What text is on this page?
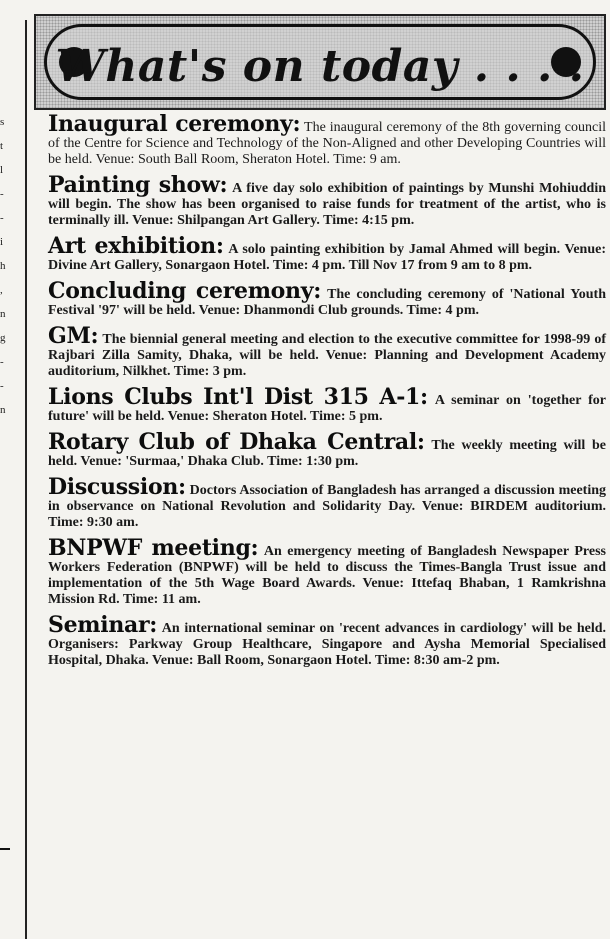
s
t
l
-
-
i
h
,
n
g
-
-
n
What's on today . . . .

Inaugural ceremony: The inaugural ceremony of the 8th governing council of the Centre for Science and Technology of the Non-Aligned and other Developing Countries will be held. Venue: South Ball Room, Sheraton Hotel. Time: 9 am.

Painting show: A five day solo exhibition of paintings by Munshi Mohiuddin will begin. The show has been organised to raise funds for treatment of the artist, who is terminally ill. Venue: Shilpangan Art Gallery. Time: 4:15 pm.

Art exhibition: A solo painting exhibition by Jamal Ahmed will begin. Venue: Divine Art Gallery, Sonargaon Hotel. Time: 4 pm. Till Nov 17 from 9 am to 8 pm.

Concluding ceremony: The concluding ceremony of 'National Youth Festival '97' will be held. Venue: Dhanmondi Club grounds. Time: 4 pm.

GM: The biennial general meeting and election to the executive committee for 1998-99 of Rajbari Zilla Samity, Dhaka, will be held. Venue: Planning and Development Academy auditorium, Nilkhet. Time: 3 pm.

Lions Clubs Int'l Dist 315 A-1: A seminar on 'together for future' will be held. Venue: Sheraton Hotel. Time: 5 pm.

Rotary Club of Dhaka Central: The weekly meeting will be held. Venue: 'Surmaa,' Dhaka Club. Time: 1:30 pm.

Discussion: Doctors Association of Bangladesh has arranged a discussion meeting in observance on National Revolution and Solidarity Day. Venue: BIRDEM auditorium. Time: 9:30 am.

BNPWF meeting: An emergency meeting of Bangladesh Newspaper Press Workers Federation (BNPWF) will be held to discuss the Times-Bangla Trust issue and implementation of the 5th Wage Board Awards. Venue: Ittefaq Bhaban, 1 Ramkrishna Mission Rd. Time: 11 am.

Seminar: An international seminar on 'recent advances in cardiology' will be held. Organisers: Parkway Group Healthcare, Singapore and Aysha Memorial Specialised Hospital, Dhaka. Venue: Ball Room, Sonargaon Hotel. Time: 8:30 am-2 pm.
